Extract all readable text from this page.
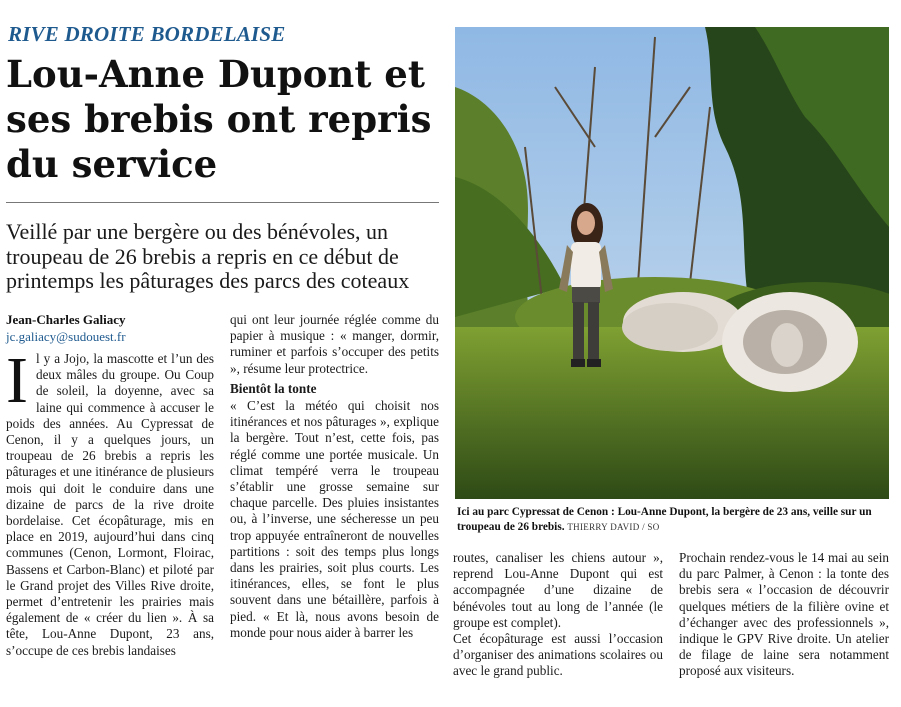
RIVE DROITE BORDELAISE
Lou-Anne Dupont et ses brebis ont repris du service

Veillé par une bergère ou des bénévoles, un troupeau de 26 brebis a repris en ce début de printemps les pâturages des parcs des coteaux

Jean-Charles Galiacy
jc.galiacy@sudouest.fr
I l y a Jojo, la mascotte et l’un des deux mâles du groupe. Ou Coup de soleil, la doyenne, avec sa laine qui commence à accuser le poids des années. Au Cypressat de Cenon, il y a quelques jours, un troupeau de 26 brebis a repris les pâturages et une itinérance de plusieurs mois qui doit le conduire dans une dizaine de parcs de la rive droite bordelaise. Cet écopâturage, mis en place en 2019, aujourd’hui dans cinq communes (Cenon, Lormont, Floirac, Bassens et Carbon-Blanc) et piloté par le Grand projet des Villes Rive droite, permet d’entretenir les prairies mais également de « créer du lien ». À sa tête, Lou-Anne Dupont, 23 ans, s’occupe de ces brebis landaises

qui ont leur journée réglée comme du papier à musique : « manger, dormir, ruminer et parfois s’occuper des petits », résume leur protectrice.

Bientôt la tonte

« C’est la météo qui choisit nos itinérances et nos pâturages », explique la bergère. Tout n’est, cette fois, pas réglé comme une portée musicale. Un climat tempéré verra le troupeau s’établir une grosse semaine sur chaque parcelle. Des pluies insistantes ou, à l’inverse, une sécheresse un peu trop appuyée entraîneront de nouvelles partitions : soit des temps plus longs dans les prairies, soit plus courts. Les itinérances, elles, se font le plus souvent dans une bétaillère, parfois à pied. « Et là, nous avons besoin de monde pour nous aider à barrer les

Ici au parc Cypressat de Cenon : Lou-Anne Dupont, la bergère de 23 ans, veille sur un troupeau de 26 brebis. THIERRY DAVID / SO

routes, canaliser les chiens autour », reprend Lou-Anne Dupont qui est accompagnée d’une dizaine de bénévoles tout au long de l’année (le groupe est complet).

Cet écopâturage est aussi l’occasion d’organiser des animations scolaires ou avec le grand public.

Prochain rendez-vous le 14 mai au sein du parc Palmer, à Cenon : la tonte des brebis sera « l’occasion de découvrir quelques métiers de la filière ovine et d’échanger avec des professionnels », indique le GPV Rive droite. Un atelier de filage de laine sera notamment proposé aux visiteurs.
